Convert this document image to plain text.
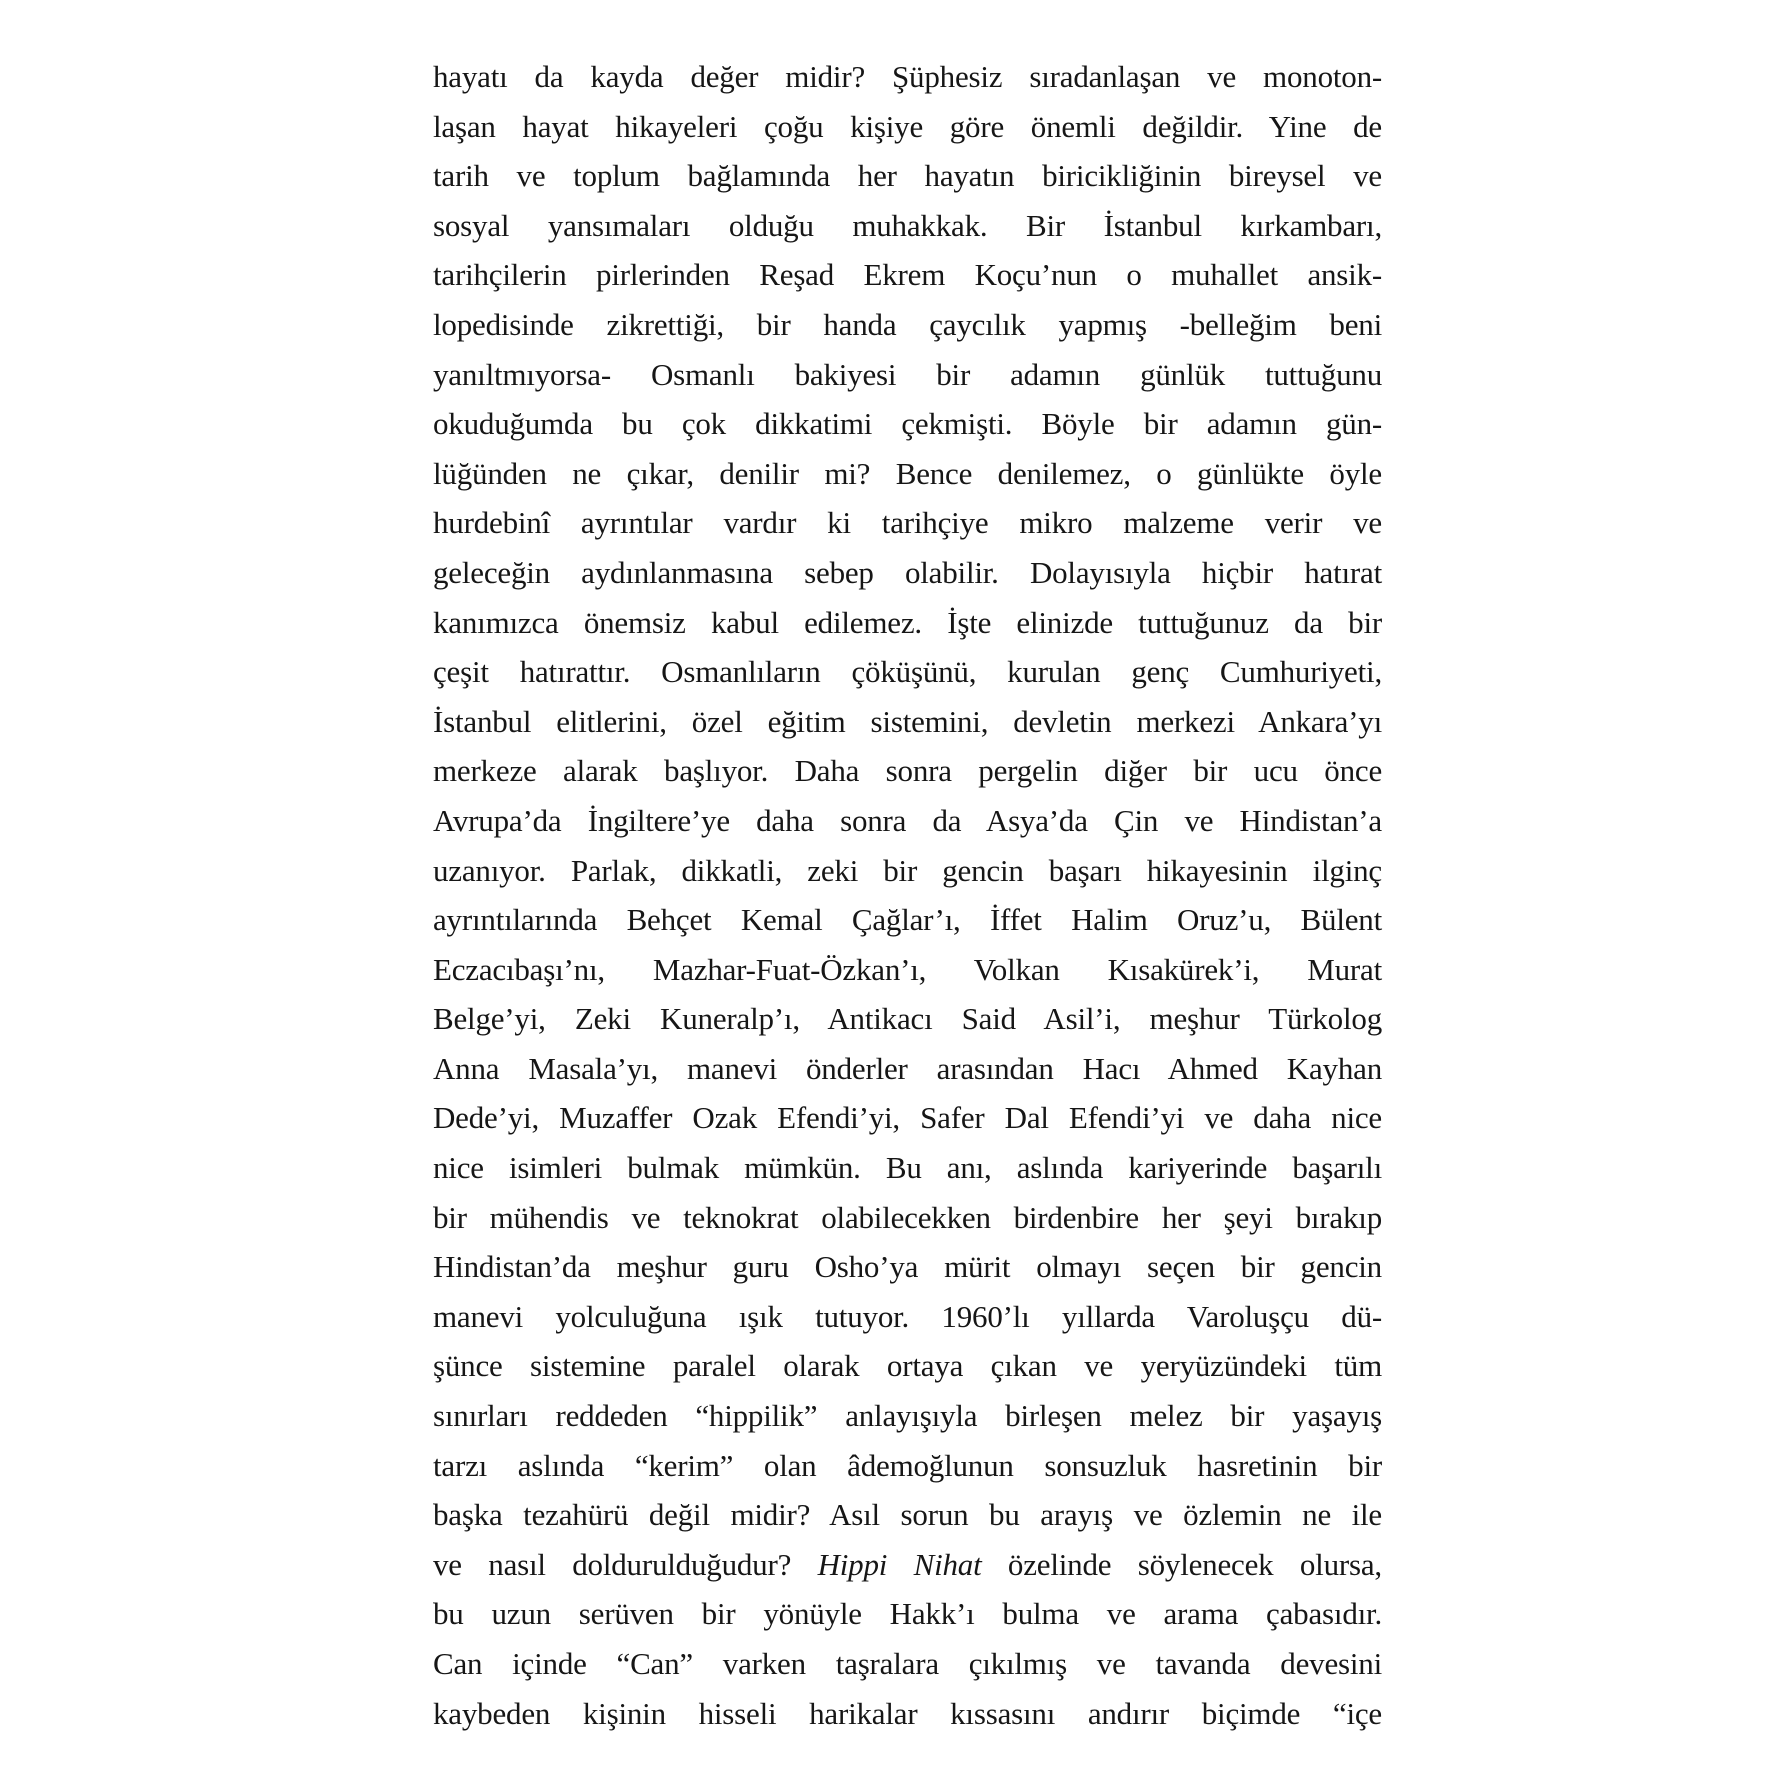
hayatı da kayda değer midir? Şüphesiz sıradanlaşan ve monoton-
laşan hayat hikayeleri çoğu kişiye göre önemli değildir. Yine de
tarih ve toplum bağlamında her hayatın biricikliğinin bireysel ve
sosyal yansımaları olduğu muhakkak. Bir İstanbul kırkambarı,
tarihçilerin pirlerinden Reşad Ekrem Koçu’nun o muhallet ansik-
lopedisinde zikrettiği, bir handa çaycılık yapmış -belleğim beni
yanıltmıyorsa- Osmanlı bakiyesi bir adamın günlük tuttuğunu
okuduğumda bu çok dikkatimi çekmişti. Böyle bir adamın gün-
lüğünden ne çıkar, denilir mi? Bence denilemez, o günlükte öyle
hurdebinî ayrıntılar vardır ki tarihçiye mikro malzeme verir ve
geleceğin aydınlanmasına sebep olabilir. Dolayısıyla hiçbir hatırat
kanımızca önemsiz kabul edilemez. İşte elinizde tuttuğunuz da bir
çeşit hatırattır. Osmanlıların çöküşünü, kurulan genç Cumhuriyeti,
İstanbul elitlerini, özel eğitim sistemini, devletin merkezi Ankara’yı
merkeze alarak başlıyor. Daha sonra pergelin diğer bir ucu önce
Avrupa’da İngiltere’ye daha sonra da Asya’da Çin ve Hindistan’a
uzanıyor. Parlak, dikkatli, zeki bir gencin başarı hikayesinin ilginç
ayrıntılarında Behçet Kemal Çağlar’ı, İffet Halim Oruz’u, Bülent
Eczacıbaşı’nı, Mazhar-Fuat-Özkan’ı, Volkan Kısakürek’i, Murat
Belge’yi, Zeki Kuneralp’ı, Antikacı Said Asil’i, meşhur Türkolog
Anna Masala’yı, manevi önderler arasından Hacı Ahmed Kayhan
Dede’yi, Muzaffer Ozak Efendi’yi, Safer Dal Efendi’yi ve daha nice
nice isimleri bulmak mümkün. Bu anı, aslında kariyerinde başarılı
bir mühendis ve teknokrat olabilecekken birdenbire her şeyi bırakıp
Hindistan’da meşhur guru Osho’ya mürit olmayı seçen bir gencin
manevi yolculuğuna ışık tutuyor. 1960’lı yıllarda Varoluşçu dü-
şünce sistemine paralel olarak ortaya çıkan ve yeryüzündeki tüm
sınırları reddeden “hippilik” anlayışıyla birleşen melez bir yaşayış
tarzı aslında “kerim” olan âdemoğlunun sonsuzluk hasretinin bir
başka tezahürü değil midir? Asıl sorun bu arayış ve özlemin ne ile
ve nasıl doldurulduğudur? Hippi Nihat özelinde söylenecek olursa,
bu uzun serüven bir yönüyle Hakk’ı bulma ve arama çabasıdır.
Can içinde “Can” varken taşralara çıkılmış ve tavanda devesini
kaybeden kişinin hisseli harikalar kıssasını andırır biçimde “içe
